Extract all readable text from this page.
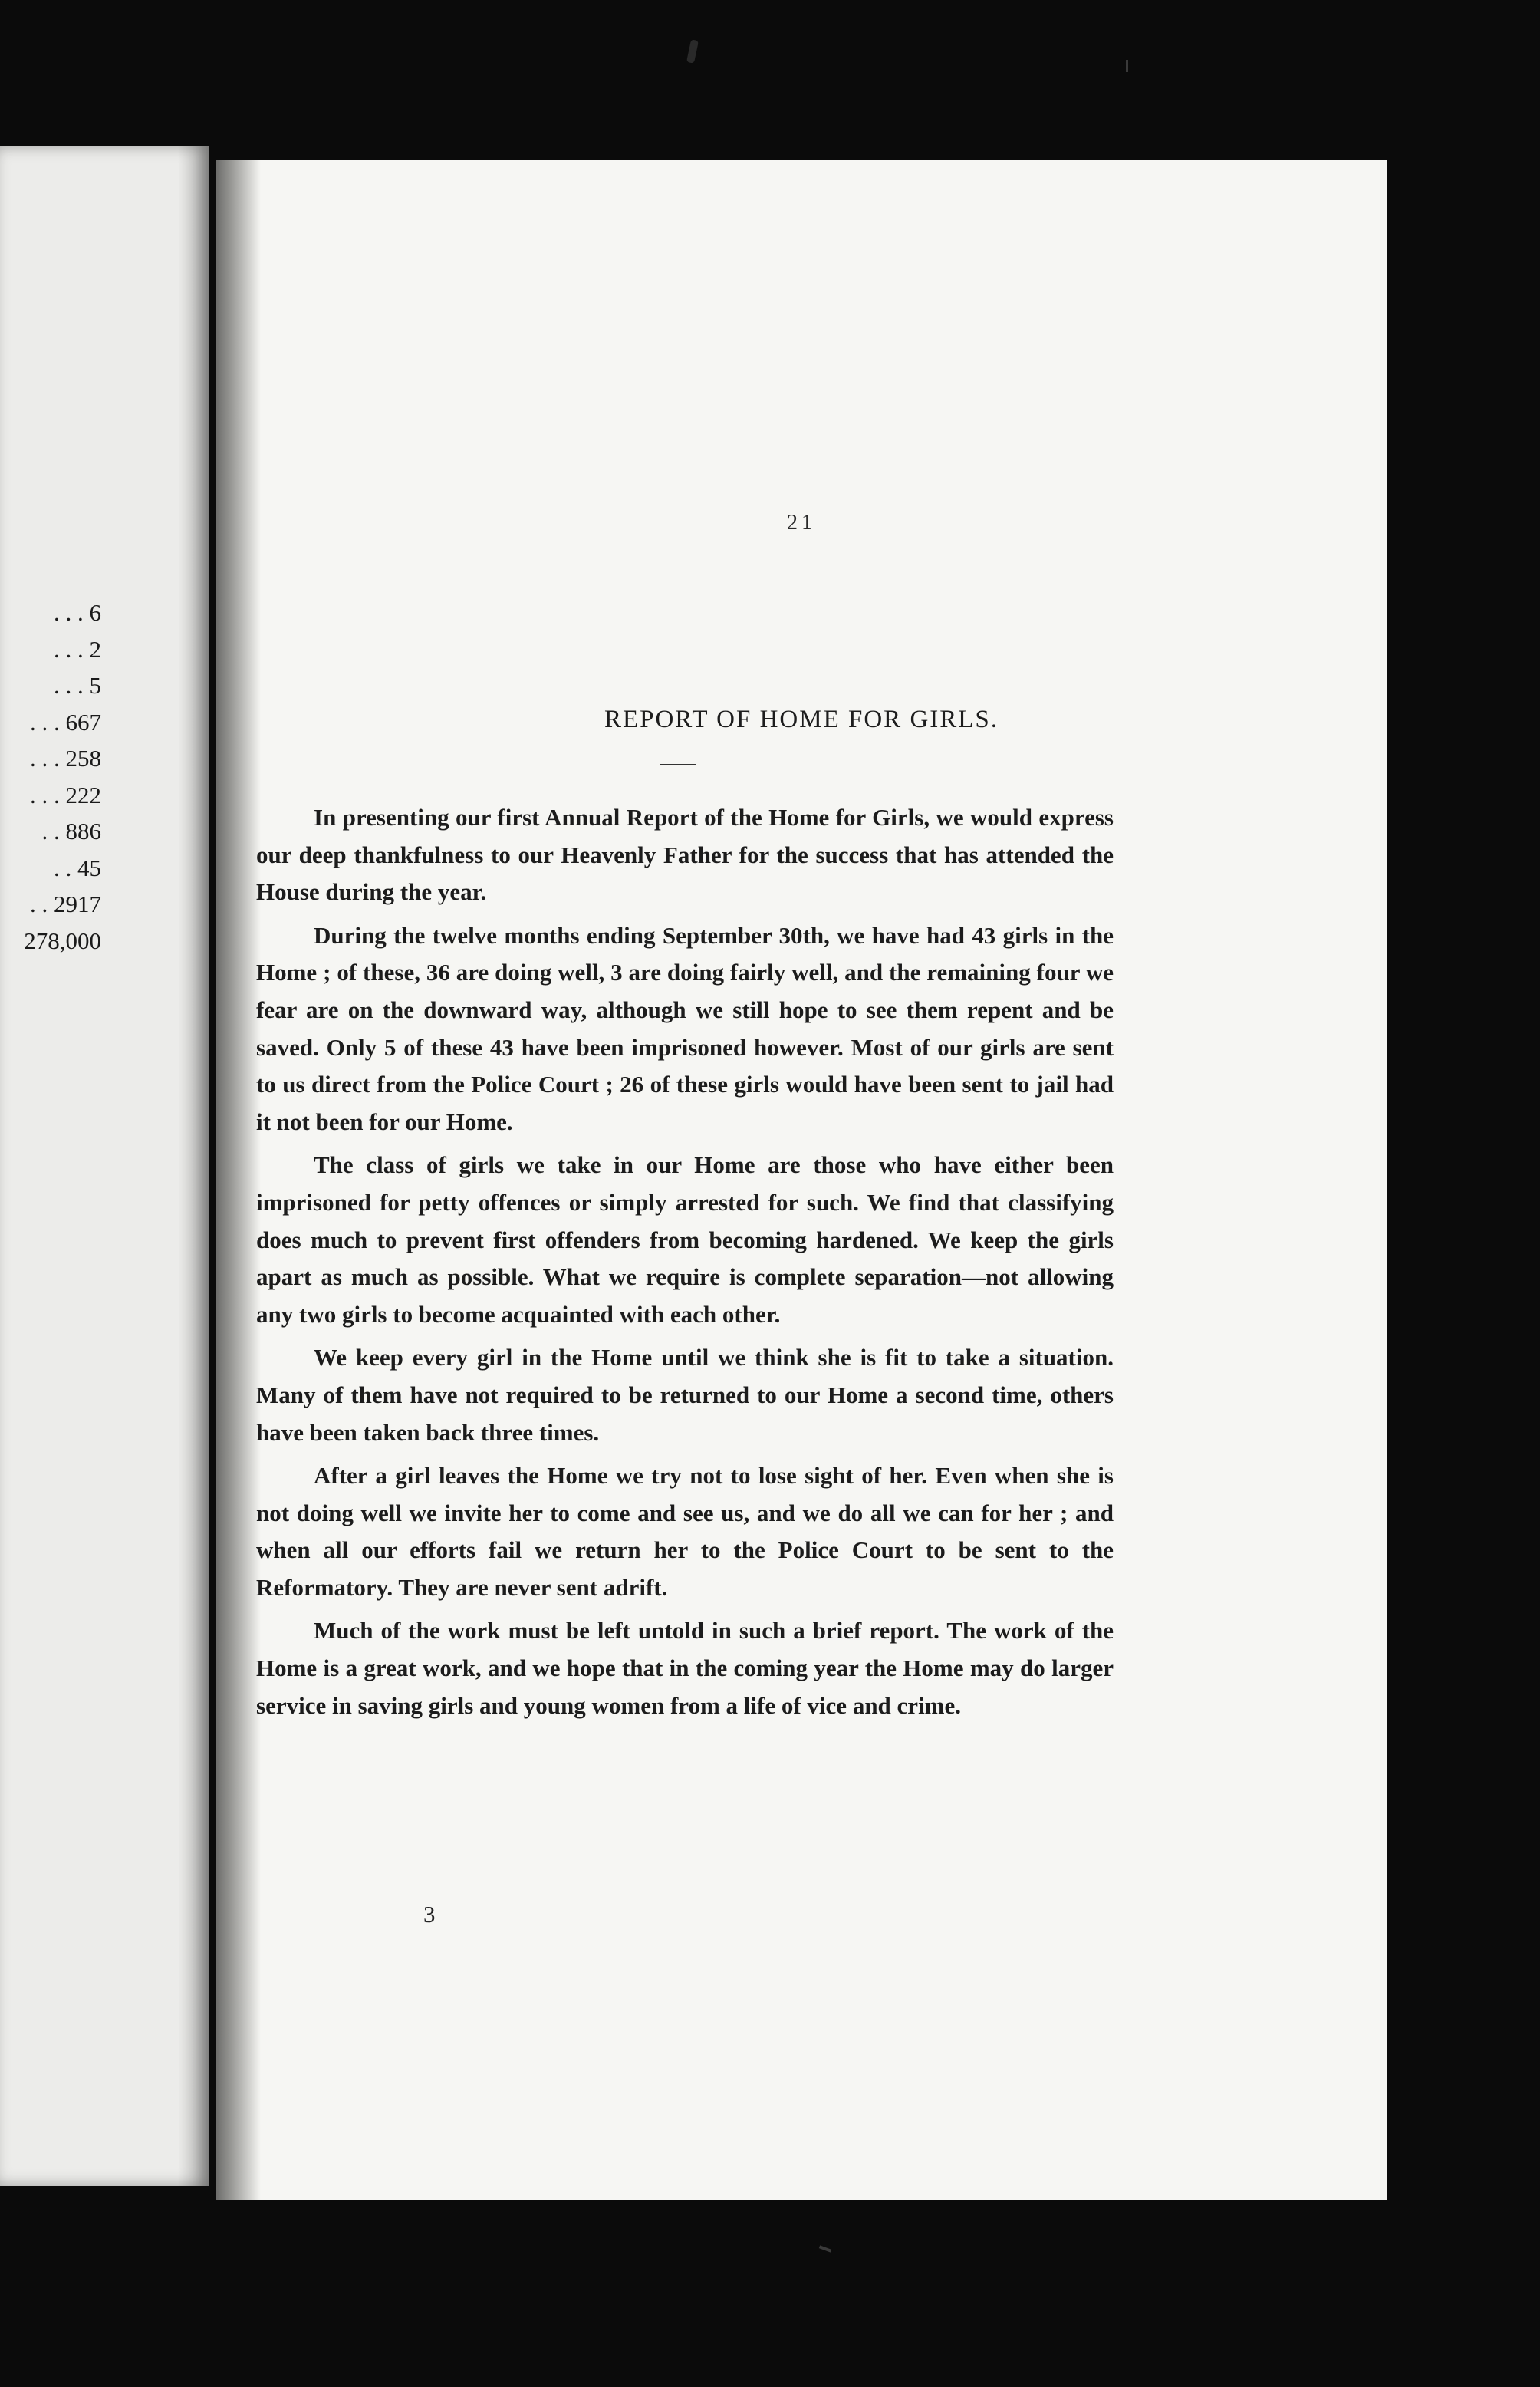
. . . 6
. . . 2
. . . 5
. . . 667
. . . 258
. . . 222
. . 886
. . 45
. . 2917
278,000
21
REPORT OF HOME FOR GIRLS.

In presenting our first Annual Report of the Home for Girls, we would express our deep thankfulness to our Heavenly Father for the success that has attended the House during the year.

During the twelve months ending September 30th, we have had 43 girls in the Home ; of these, 36 are doing well, 3 are doing fairly well, and the remaining four we fear are on the downward way, although we still hope to see them repent and be saved. Only 5 of these 43 have been imprisoned however. Most of our girls are sent to us direct from the Police Court ; 26 of these girls would have been sent to jail had it not been for our Home.

The class of girls we take in our Home are those who have either been imprisoned for petty offences or simply arrested for such. We find that classifying does much to prevent first offenders from becoming hardened. We keep the girls apart as much as possible. What we require is complete separation—not allowing any two girls to become acquainted with each other.

We keep every girl in the Home until we think she is fit to take a situation. Many of them have not required to be returned to our Home a second time, others have been taken back three times.

After a girl leaves the Home we try not to lose sight of her. Even when she is not doing well we invite her to come and see us, and we do all we can for her ; and when all our efforts fail we return her to the Police Court to be sent to the Reformatory. They are never sent adrift.

Much of the work must be left untold in such a brief report. The work of the Home is a great work, and we hope that in the coming year the Home may do larger service in saving girls and young women from a life of vice and crime.

3
